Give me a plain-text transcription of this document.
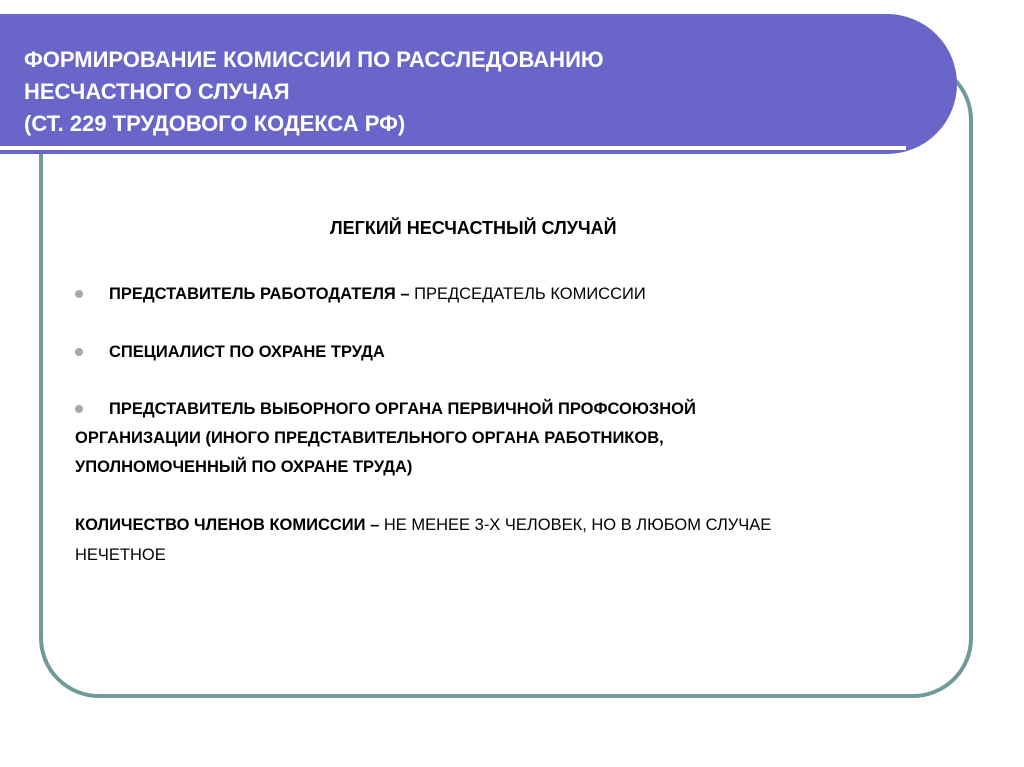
ФОРМИРОВАНИЕ КОМИССИИ ПО РАССЛЕДОВАНИЮ
НЕСЧАСТНОГО СЛУЧАЯ
(СТ. 229 ТРУДОВОГО КОДЕКСА РФ)
ЛЕГКИЙ НЕСЧАСТНЫЙ СЛУЧАЙ
ПРЕДСТАВИТЕЛЬ РАБОТОДАТЕЛЯ – ПРЕДСЕДАТЕЛЬ КОМИССИИ
СПЕЦИАЛИСТ ПО ОХРАНЕ ТРУДА
ПРЕДСТАВИТЕЛЬ ВЫБОРНОГО ОРГАНА ПЕРВИЧНОЙ ПРОФСОЮЗНОЙ
ОРГАНИЗАЦИИ (ИНОГО ПРЕДСТАВИТЕЛЬНОГО ОРГАНА РАБОТНИКОВ,
УПОЛНОМОЧЕННЫЙ ПО ОХРАНЕ ТРУДА)
КОЛИЧЕСТВО ЧЛЕНОВ КОМИССИИ – НЕ МЕНЕЕ 3-Х ЧЕЛОВЕК, НО В ЛЮБОМ СЛУЧАЕ
НЕЧЕТНОЕ
